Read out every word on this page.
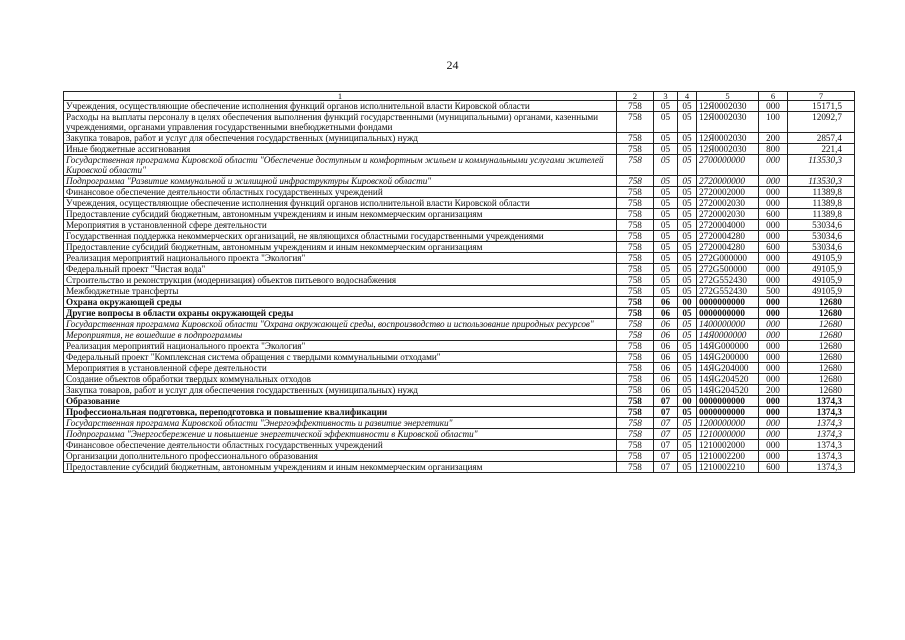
24
1	2	3	4	5	6	7
Учреждения, осуществляющие обеспечение исполнения функций органов исполнительной власти Кировской области	758	05	05	12Я0002030	000	15171,5
Расходы на выплаты персоналу в целях обеспечения выполнения функций государственными (муниципальными) органами, казенными учреждениями, органами управления государственными внебюджетными фондами	758	05	05	12Я0002030	100	12092,7
Закупка товаров, работ и услуг для обеспечения государственных (муниципальных) нужд	758	05	05	12Я0002030	200	2857,4
Иные бюджетные ассигнования	758	05	05	12Я0002030	800	221,4
Государственная программа Кировской области "Обеспечение доступным и комфортным жильем и коммунальными услугами жителей Кировской области"	758	05	05	2700000000	000	113530,3
Подпрограмма "Развитие коммунальной и жилищной инфраструктуры Кировской области"	758	05	05	2720000000	000	113530,3
Финансовое обеспечение деятельности областных государственных учреждений	758	05	05	2720002000	000	11389,8
Учреждения, осуществляющие обеспечение исполнения функций органов исполнительной власти Кировской области	758	05	05	2720002030	000	11389,8
Предоставление субсидий бюджетным, автономным учреждениям и иным некоммерческим организациям	758	05	05	2720002030	600	11389,8
Мероприятия в установленной сфере деятельности	758	05	05	2720004000	000	53034,6
Государственная поддержка некоммерческих организаций, не являющихся областными государственными учреждениями	758	05	05	2720004280	000	53034,6
Предоставление субсидий бюджетным, автономным учреждениям и иным некоммерческим организациям	758	05	05	2720004280	600	53034,6
Реализация мероприятий национального проекта "Экология"	758	05	05	272G000000	000	49105,9
Федеральный проект "Чистая вода"	758	05	05	272G500000	000	49105,9
Строительство и реконструкция (модернизация) объектов питьевого водоснабжения	758	05	05	272G552430	000	49105,9
Межбюджетные трансферты	758	05	05	272G552430	500	49105,9
Охрана окружающей среды	758	06	00	0000000000	000	12680
Другие вопросы в области охраны окружающей среды	758	06	05	0000000000	000	12680
Государственная программа Кировской области "Охрана окружающей среды, воспроизводство и использование природных ресурсов"	758	06	05	1400000000	000	12680
Мероприятия, не вошедшие в подпрограммы	758	06	05	14Я0000000	000	12680
Реализация мероприятий национального проекта "Экология"	758	06	05	14ЯG000000	000	12680
Федеральный проект "Комплексная система обращения с твердыми коммунальными отходами"	758	06	05	14ЯG200000	000	12680
Мероприятия в установленной сфере деятельности	758	06	05	14ЯG204000	000	12680
Создание объектов обработки твердых коммунальных отходов	758	06	05	14ЯG204520	000	12680
Закупка товаров, работ и услуг для обеспечения государственных (муниципальных) нужд	758	06	05	14ЯG204520	200	12680
Образование	758	07	00	0000000000	000	1374,3
Профессиональная подготовка, переподготовка и повышение квалификации	758	07	05	0000000000	000	1374,3
Государственная программа Кировской области "Энергоэффективность и развитие энергетики"	758	07	05	1200000000	000	1374,3
Подпрограмма "Энергосбережение и повышение энергетической эффективности в Кировской области"	758	07	05	1210000000	000	1374,3
Финансовое обеспечение деятельности областных государственных учреждений	758	07	05	1210002000	000	1374,3
Организации дополнительного профессионального образования	758	07	05	1210002200	000	1374,3
Предоставление субсидий бюджетным, автономным учреждениям и иным некоммерческим организациям	758	07	05	1210002210	600	1374,3
